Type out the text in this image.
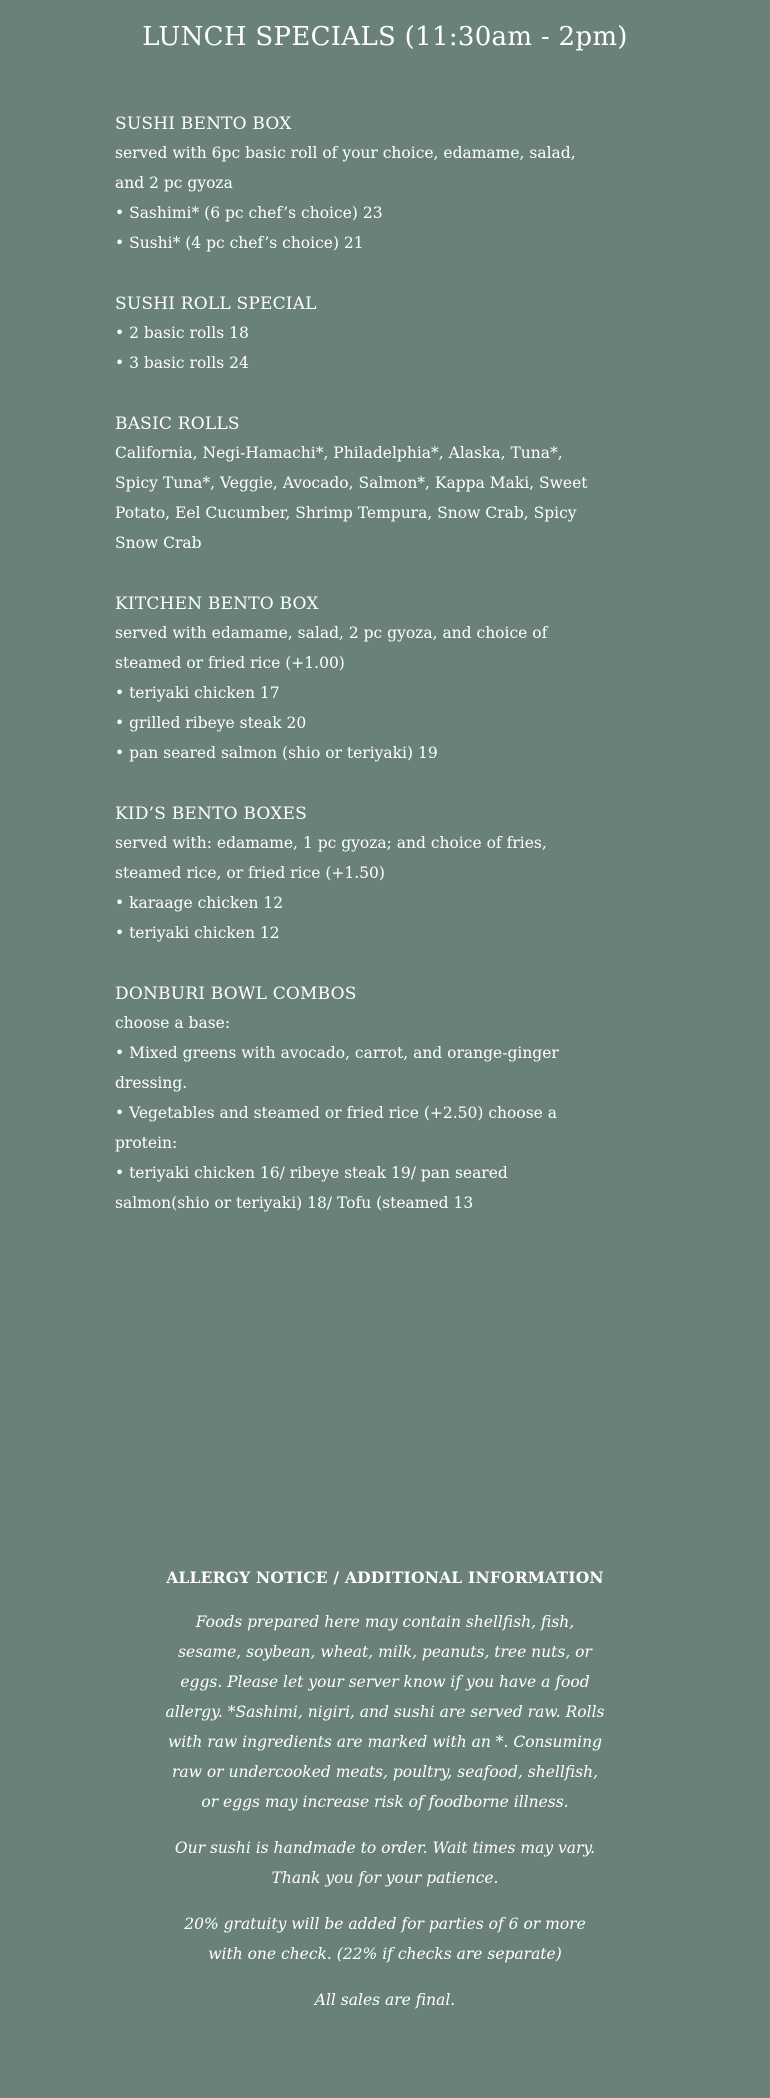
LUNCH SPECIALS (11:30am - 2pm)
SUSHI BENTO BOX

served with 6pc basic roll of your choice, edamame, salad, and 2 pc gyoza

• Sashimi* (6 pc chef’s choice) 23

• Sushi* (4 pc chef’s choice) 21

SUSHI ROLL SPECIAL

• 2 basic rolls 18

• 3 basic rolls 24

BASIC ROLLS

California, Negi-Hamachi*, Philadelphia*, Alaska, Tuna*, Spicy Tuna*, Veggie, Avocado, Salmon*, Kappa Maki, Sweet Potato, Eel Cucumber, Shrimp Tempura, Snow Crab, Spicy Snow Crab

KITCHEN BENTO BOX

served with edamame, salad, 2 pc gyoza, and choice of steamed or fried rice (+1.00)

• teriyaki chicken 17

• grilled ribeye steak 20

• pan seared salmon (shio or teriyaki) 19

KID’S BENTO BOXES

served with: edamame, 1 pc gyoza; and choice of fries, steamed rice, or fried rice (+1.50)

• karaage chicken 12

• teriyaki chicken 12

DONBURI BOWL COMBOS

choose a base:

• Mixed greens with avocado, carrot, and orange-ginger dressing.

• Vegetables and steamed or fried rice (+2.50) choose a protein:

• teriyaki chicken 16/ ribeye steak 19/ pan seared salmon(shio or teriyaki) 18/ Tofu (steamed 13

ALLERGY NOTICE / ADDITIONAL INFORMATION

Foods prepared here may contain shellfish, fish, sesame, soybean, wheat, milk, peanuts, tree nuts, or eggs. Please let your server know if you have a food allergy. *Sashimi, nigiri, and sushi are served raw. Rolls with raw ingredients are marked with an *. Consuming raw or undercooked meats, poultry, seafood, shellfish, or eggs may increase risk of foodborne illness.

Our sushi is handmade to order. Wait times may vary. Thank you for your patience.

20% gratuity will be added for parties of 6 or more with one check. (22% if checks are separate)

All sales are final.
